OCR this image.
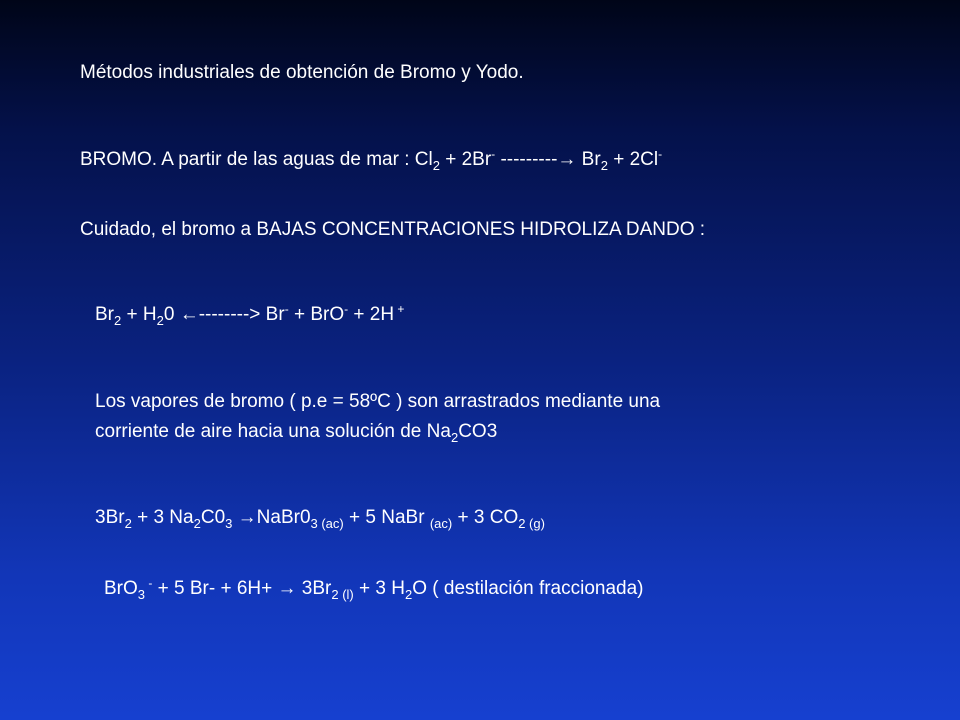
Métodos industriales de obtención de Bromo y Yodo.
BROMO. A partir de las aguas de mar : $Cl_2 + 2Br^-$ ---------→ $Br_2 + 2Cl^-$
Cuidado, el bromo a BAJAS CONCENTRACIONES HIDROLIZA DANDO :
$Br_2 + H_20$ ←--------> Br- + BrO- + 2H +
Los vapores de bromo ( p.e = 58ºC ) son arrastrados mediante una
corriente de aire hacia una solución de $Na_2CO3$
$3Br_2 + 3$ $Na_2C0_3$ $\to NaBr0_{3 (ac)} + 5$ NaBr $_{(ac)}$ + 3 $CO_{2 (g)}$
BrO$_3$ - + 5 $Br- + 6H+ \to 3Br_{2 (l)} + 3$ $H_2O$ ( destilación fraccionada)
